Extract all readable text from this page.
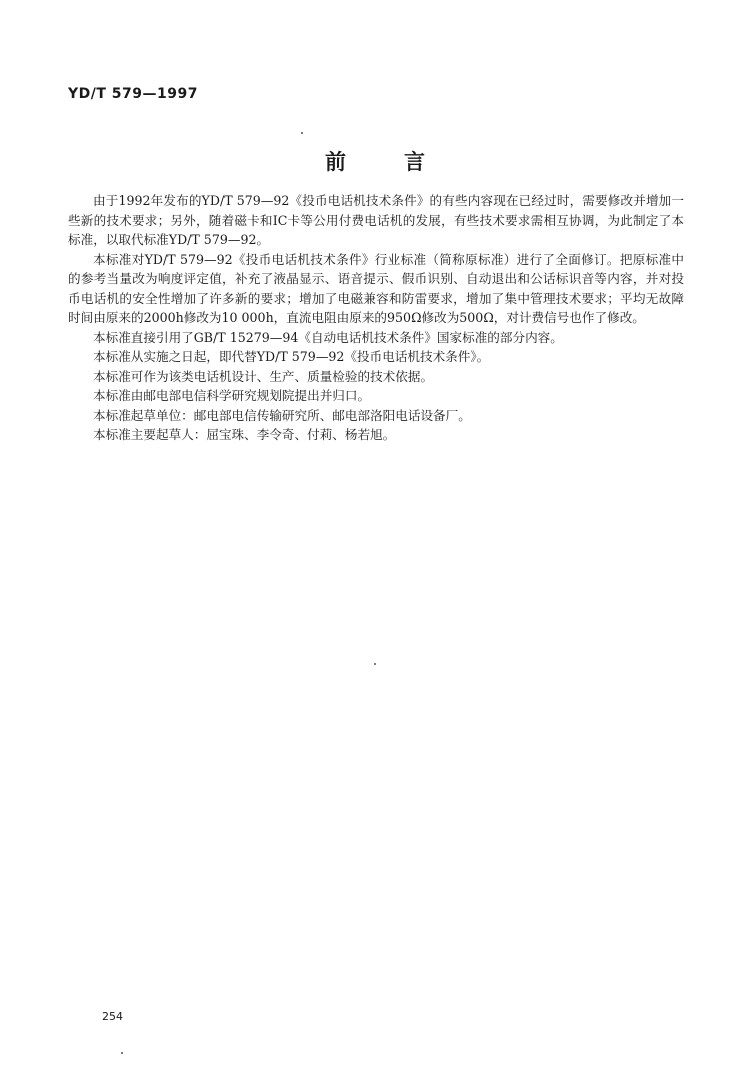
YD/T 579—1997
前言

由于1992年发布的YD/T 579—92《投币电话机技术条件》的有些内容现在已经过时，需要修改并增加一些新的技术要求；另外，随着磁卡和IC卡等公用付费电话机的发展，有些技术要求需相互协调，为此制定了本标准，以取代标准YD/T 579—92。

本标准对YD/T 579—92《投币电话机技术条件》行业标准（简称原标准）进行了全面修订。把原标准中的参考当量改为响度评定值，补充了液晶显示、语音提示、假币识别、自动退出和公话标识音等内容，并对投币电话机的安全性增加了许多新的要求；增加了电磁兼容和防雷要求，增加了集中管理技术要求；平均无故障时间由原来的2000h修改为10 000h，直流电阻由原来的950Ω修改为500Ω，对计费信号也作了修改。

本标准直接引用了GB/T 15279—94《自动电话机技术条件》国家标准的部分内容。

本标准从实施之日起，即代替YD/T 579—92《投币电话机技术条件》。

本标准可作为该类电话机设计、生产、质量检验的技术依据。

本标准由邮电部电信科学研究规划院提出并归口。

本标准起草单位：邮电部电信传输研究所、邮电部洛阳电话设备厂。

本标准主要起草人：屈宝珠、李令奇、付莉、杨若旭。

254
